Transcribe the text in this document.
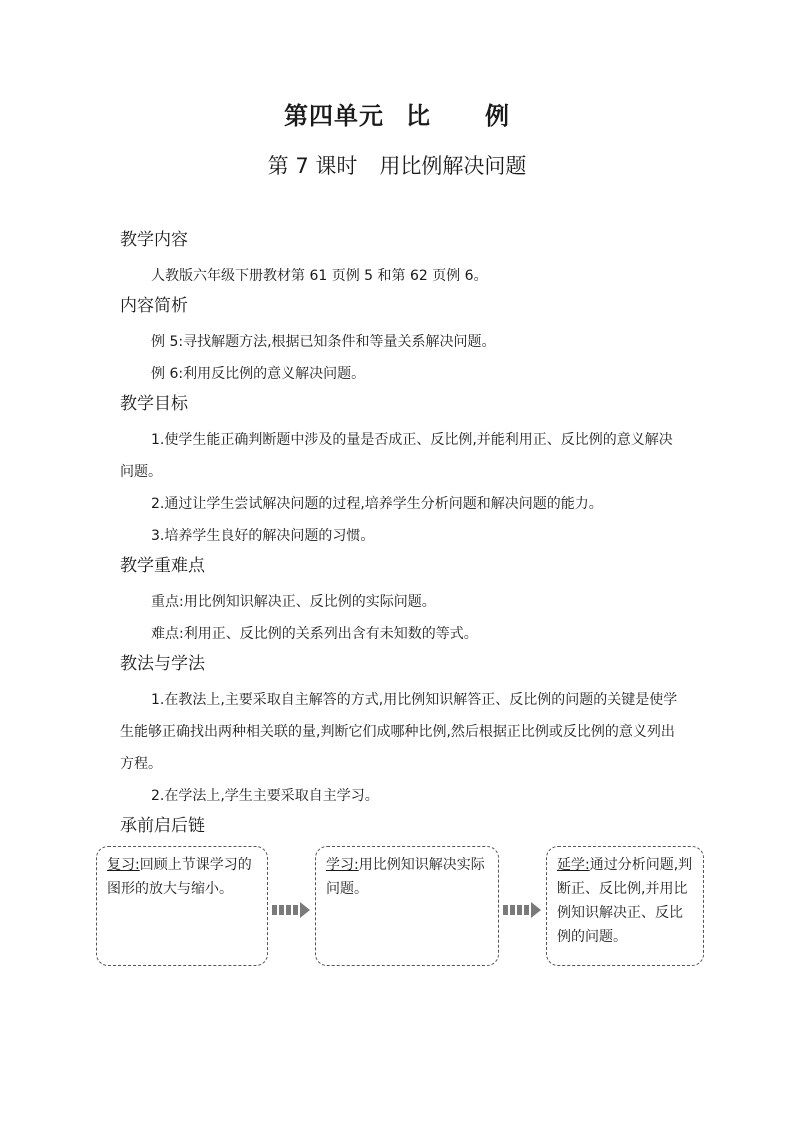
第四单元 比 例
第 7 课时 用比例解决问题
教学内容

人教版六年级下册教材第 61 页例 5 和第 62 页例 6。

内容简析

例 5:寻找解题方法,根据已知条件和等量关系解决问题。

例 6:利用反比例的意义解决问题。

教学目标

1.使学生能正确判断题中涉及的量是否成正、反比例,并能利用正、反比例的意义解决问题。

2.通过让学生尝试解决问题的过程,培养学生分析问题和解决问题的能力。

3.培养学生良好的解决问题的习惯。

教学重难点

重点:用比例知识解决正、反比例的实际问题。

难点:利用正、反比例的关系列出含有未知数的等式。

教法与学法

1.在教法上,主要采取自主解答的方式,用比例知识解答正、反比例的问题的关键是使学生能够正确找出两种相关联的量,判断它们成哪种比例,然后根据正比例或反比例的意义列出方程。

2.在学法上,学生主要采取自主学习。

承前启后链
复习:回顾上节课学习的图形的放大与缩小。
学习:用比例知识解决实际问题。
延学:通过分析问题,判断正、反比例,并用比例知识解决正、反比例的问题。
